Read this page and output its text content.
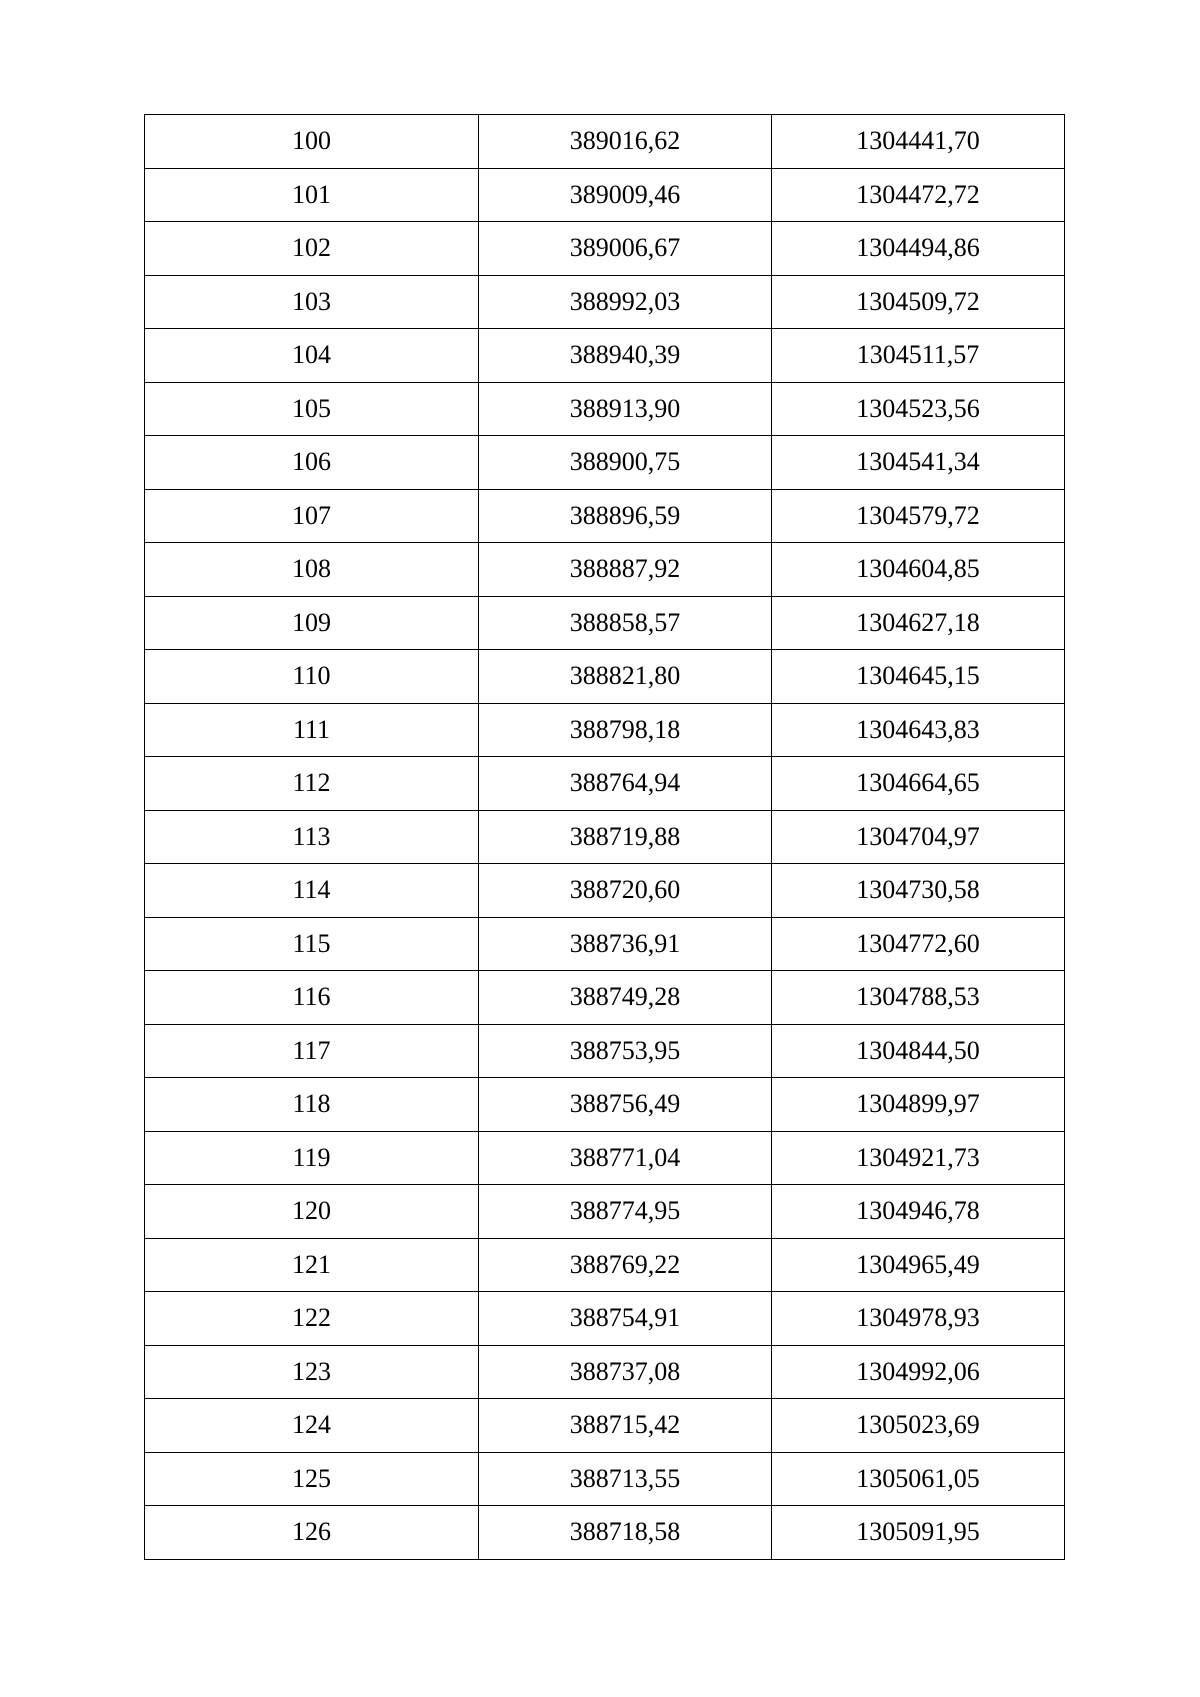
100	389016,62	1304441,70
101	389009,46	1304472,72
102	389006,67	1304494,86
103	388992,03	1304509,72
104	388940,39	1304511,57
105	388913,90	1304523,56
106	388900,75	1304541,34
107	388896,59	1304579,72
108	388887,92	1304604,85
109	388858,57	1304627,18
110	388821,80	1304645,15
111	388798,18	1304643,83
112	388764,94	1304664,65
113	388719,88	1304704,97
114	388720,60	1304730,58
115	388736,91	1304772,60
116	388749,28	1304788,53
117	388753,95	1304844,50
118	388756,49	1304899,97
119	388771,04	1304921,73
120	388774,95	1304946,78
121	388769,22	1304965,49
122	388754,91	1304978,93
123	388737,08	1304992,06
124	388715,42	1305023,69
125	388713,55	1305061,05
126	388718,58	1305091,95
